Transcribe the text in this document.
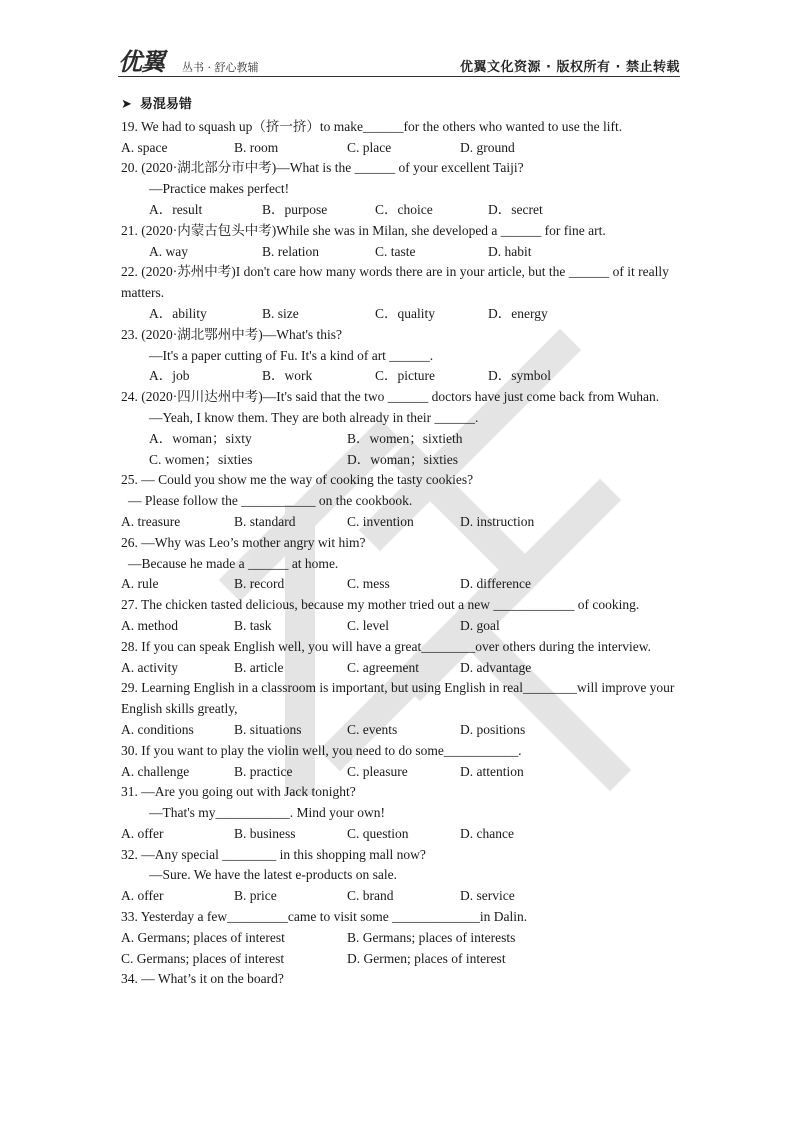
优翼 丛书 · 舒心教辅	优翼文化资源 · 版权所有 · 禁止转载
➤ 易混易错
19. We had to squash up（挤一挤）to make______for the others who wanted to use the lift.
A. space	B. room	C. place	D. ground
20. (2020·湖北部分市中考)—What is the ______ of your excellent Taiji?
—Practice makes perfect!
A．result	B．purpose	C．choice	D．secret
21. (2020·内蒙古包头中考)While she was in Milan, she developed a ______ for fine art.
A. way	B. relation	C. taste	D. habit
22. (2020·苏州中考)I don't care how many words there are in your article, but the ______ of it really matters.
A．ability	B. size	C．quality	D．energy
23. (2020·湖北鄂州中考)—What's this?
—It's a paper cutting of Fu. It's a kind of art ______.
A．job	B．work	C．picture	D．symbol
24. (2020·四川达州中考)—It's said that the two ______ doctors have just come back from Wuhan.
—Yeah, I know them. They are both already in their ______.
A．woman；sixty	B．women；sixtieth
C. women；sixties	D．woman；sixties
25. — Could you show me the way of cooking the tasty cookies?
— Please follow the ___________ on the cookbook.
A. treasure	B. standard	C. invention	D. instruction
26. —Why was Leo’s mother angry wit him?
—Because he made a ______ at home.
A. rule	B. record	C. mess	D. difference
27. The chicken tasted delicious, because my mother tried out a new ____________ of cooking.
A. method	B. task	C. level	D. goal
28. If you can speak English well, you will have a great________over others during the interview.
A. activity	B. article	C. agreement	D. advantage
29. Learning English in a classroom is important, but using English in real________will improve your English skills greatly,
A. conditions	B. situations	C. events	D. positions
30. If you want to play the violin well, you need to do some___________.
A. challenge	B. practice	C. pleasure	D. attention
31. —Are you going out with Jack tonight?
—That's my___________. Mind your own!
A. offer	B. business	C. question	D. chance
32. —Any special ________ in this shopping mall now?
—Sure. We have the latest e-products on sale.
A. offer	B. price	C. brand	D. service
33. Yesterday a few_________came to visit some _____________in Dalin.
A. Germans; places of interest	B. Germans; places of interests
C. Germans; places of interest	D. Germen; places of interest
34. — What’s it on the board?
